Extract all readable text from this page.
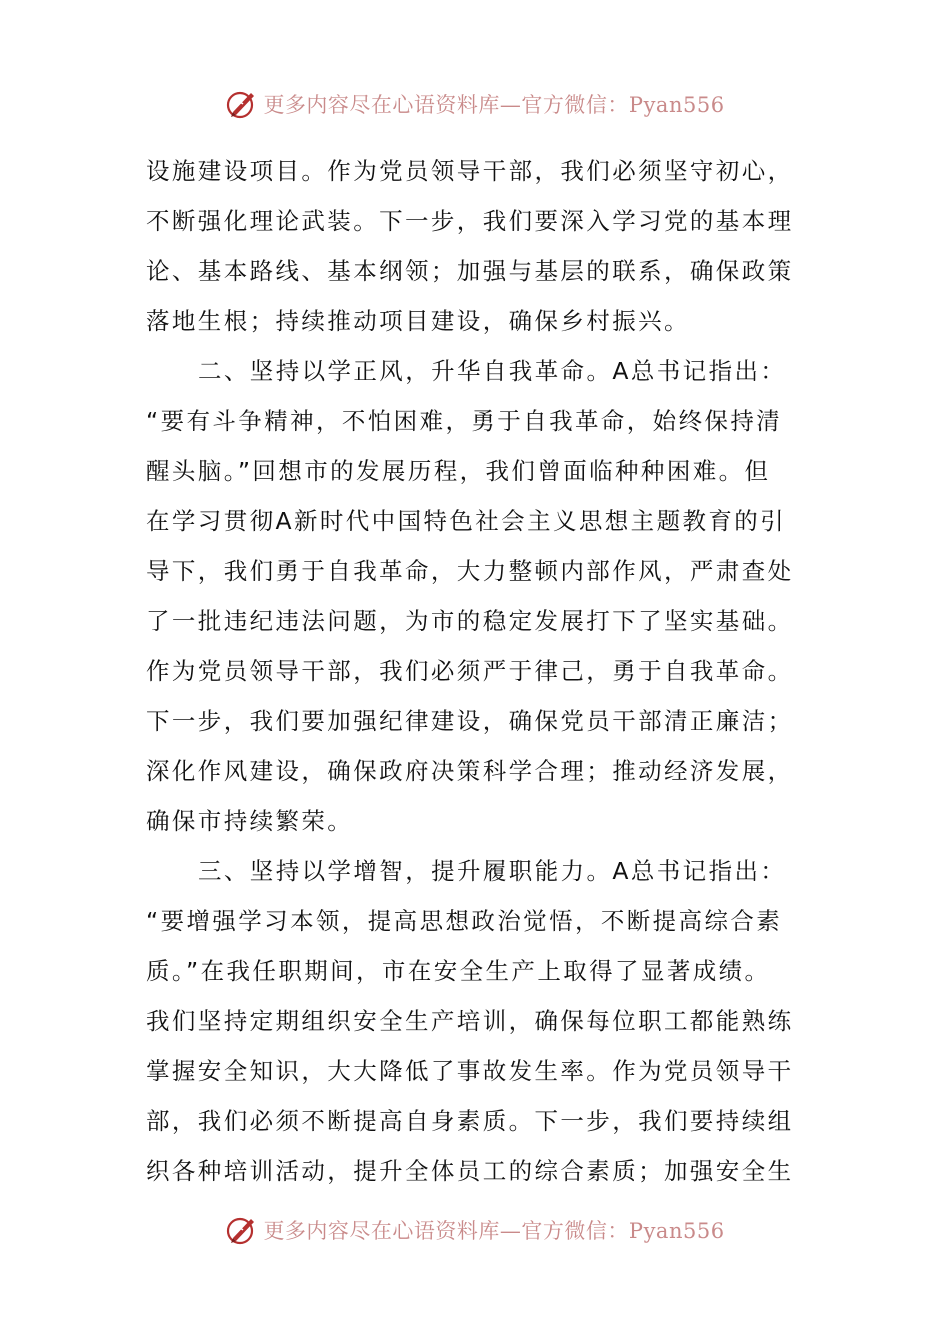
更多内容尽在心语资料库—官方微信：Pyan556
设施建设项目。作为党员领导干部，我们必须坚守初心，
不断强化理论武装。下一步，我们要深入学习党的基本理
论、基本路线、基本纲领；加强与基层的联系，确保政策
落地生根；持续推动项目建设，确保乡村振兴。
二、坚持以学正风，升华自我革命。A总书记指出：
“要有斗争精神，不怕困难，勇于自我革命，始终保持清
醒头脑。”回想市的发展历程，我们曾面临种种困难。但
在学习贯彻A新时代中国特色社会主义思想主题教育的引
导下，我们勇于自我革命，大力整顿内部作风，严肃查处
了一批违纪违法问题，为市的稳定发展打下了坚实基础。
作为党员领导干部，我们必须严于律己，勇于自我革命。
下一步，我们要加强纪律建设，确保党员干部清正廉洁；
深化作风建设，确保政府决策科学合理；推动经济发展，
确保市持续繁荣。
三、坚持以学增智，提升履职能力。A总书记指出：
“要增强学习本领，提高思想政治觉悟，不断提高综合素
质。”在我任职期间，市在安全生产上取得了显著成绩。
我们坚持定期组织安全生产培训，确保每位职工都能熟练
掌握安全知识，大大降低了事故发生率。作为党员领导干
部，我们必须不断提高自身素质。下一步，我们要持续组
织各种培训活动，提升全体员工的综合素质；加强安全生
更多内容尽在心语资料库—官方微信：Pyan556
